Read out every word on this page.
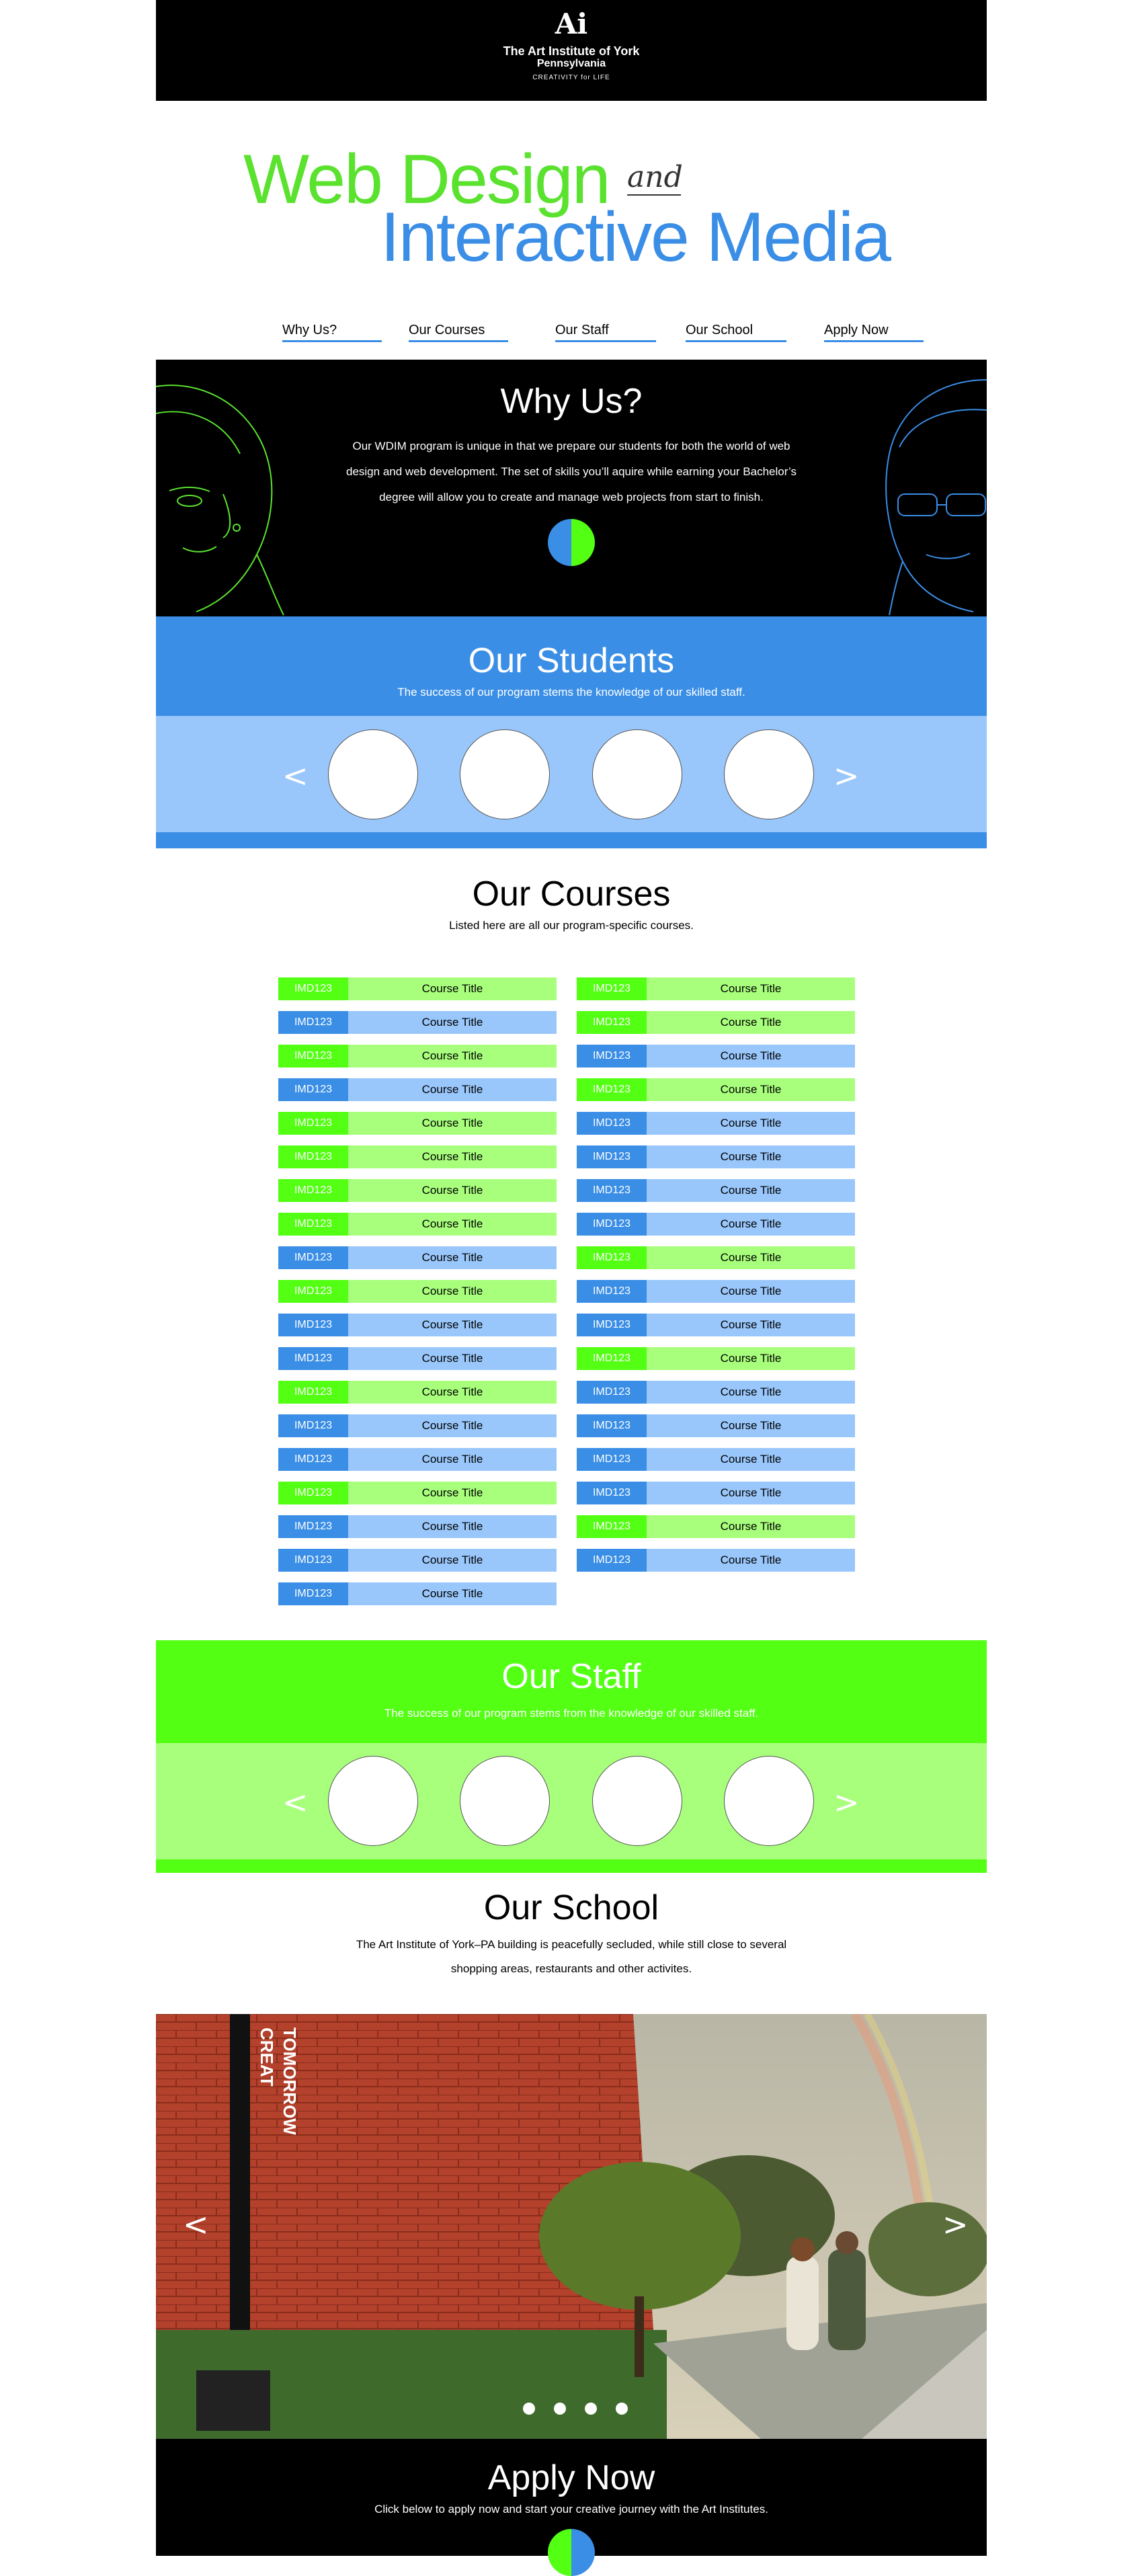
Ai
The Art Institute of York
Pennsylvania
CREATIVITY for LIFE
Web Design and
Interactive Media
Why Us?	Our Courses	Our Staff	Our School	Apply Now
Why Us?
Our WDIM program is unique in that we prepare our students for both the world of web
design and web development. The set of skills you’ll aquire while earning your Bachelor’s
degree will allow you to create and manage web projects from start to finish.
Our Students
The success of our program stems the knowledge of our skilled staff.
<	>
Our Courses
Listed here are all our program-specific courses.
IMD123	Course Title
IMD123	Course Title
IMD123	Course Title
IMD123	Course Title
IMD123	Course Title
IMD123	Course Title
IMD123	Course Title
IMD123	Course Title
IMD123	Course Title
IMD123	Course Title
IMD123	Course Title
IMD123	Course Title
IMD123	Course Title
IMD123	Course Title
IMD123	Course Title
IMD123	Course Title
IMD123	Course Title
IMD123	Course Title
IMD123	Course Title
IMD123	Course Title
IMD123	Course Title
IMD123	Course Title
IMD123	Course Title
IMD123	Course Title
IMD123	Course Title
IMD123	Course Title
IMD123	Course Title
IMD123	Course Title
IMD123	Course Title
IMD123	Course Title
IMD123	Course Title
IMD123	Course Title
IMD123	Course Title
IMD123	Course Title
IMD123	Course Title
IMD123	Course Title
IMD123	Course Title
Our Staff
The success of our program stems from the knowledge of our skilled staff.
<	>
Our School
The Art Institute of York–PA building is peacefully secluded, while still close to several
shopping areas, restaurants and other activites.
CREAT TOMORROW
<	>
Apply Now
Click below to apply now and start your creative journey with the Art Institutes.
